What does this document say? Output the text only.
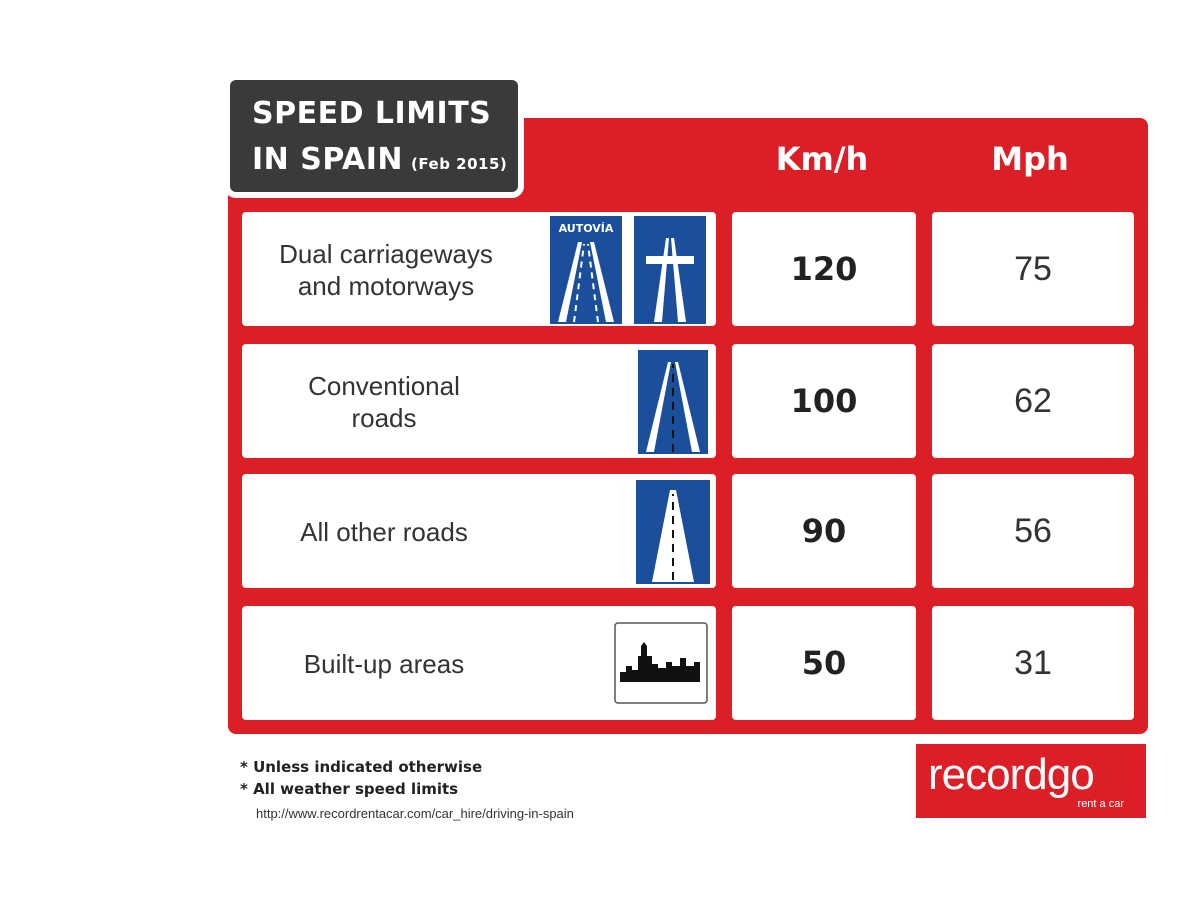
SPEED LIMITS
IN SPAIN (Feb 2015)	Km/h	Mph
Dual carriageways
and motorways
AUTOVÍA
120	75
Conventional
roads	100	62
All other roads	90	56
Built-up areas	50	31
* Unless indicated otherwise
* All weather speed limits
http://www.recordrentacar.com/car_hire/driving-in-spain
recordgo
rent a car
